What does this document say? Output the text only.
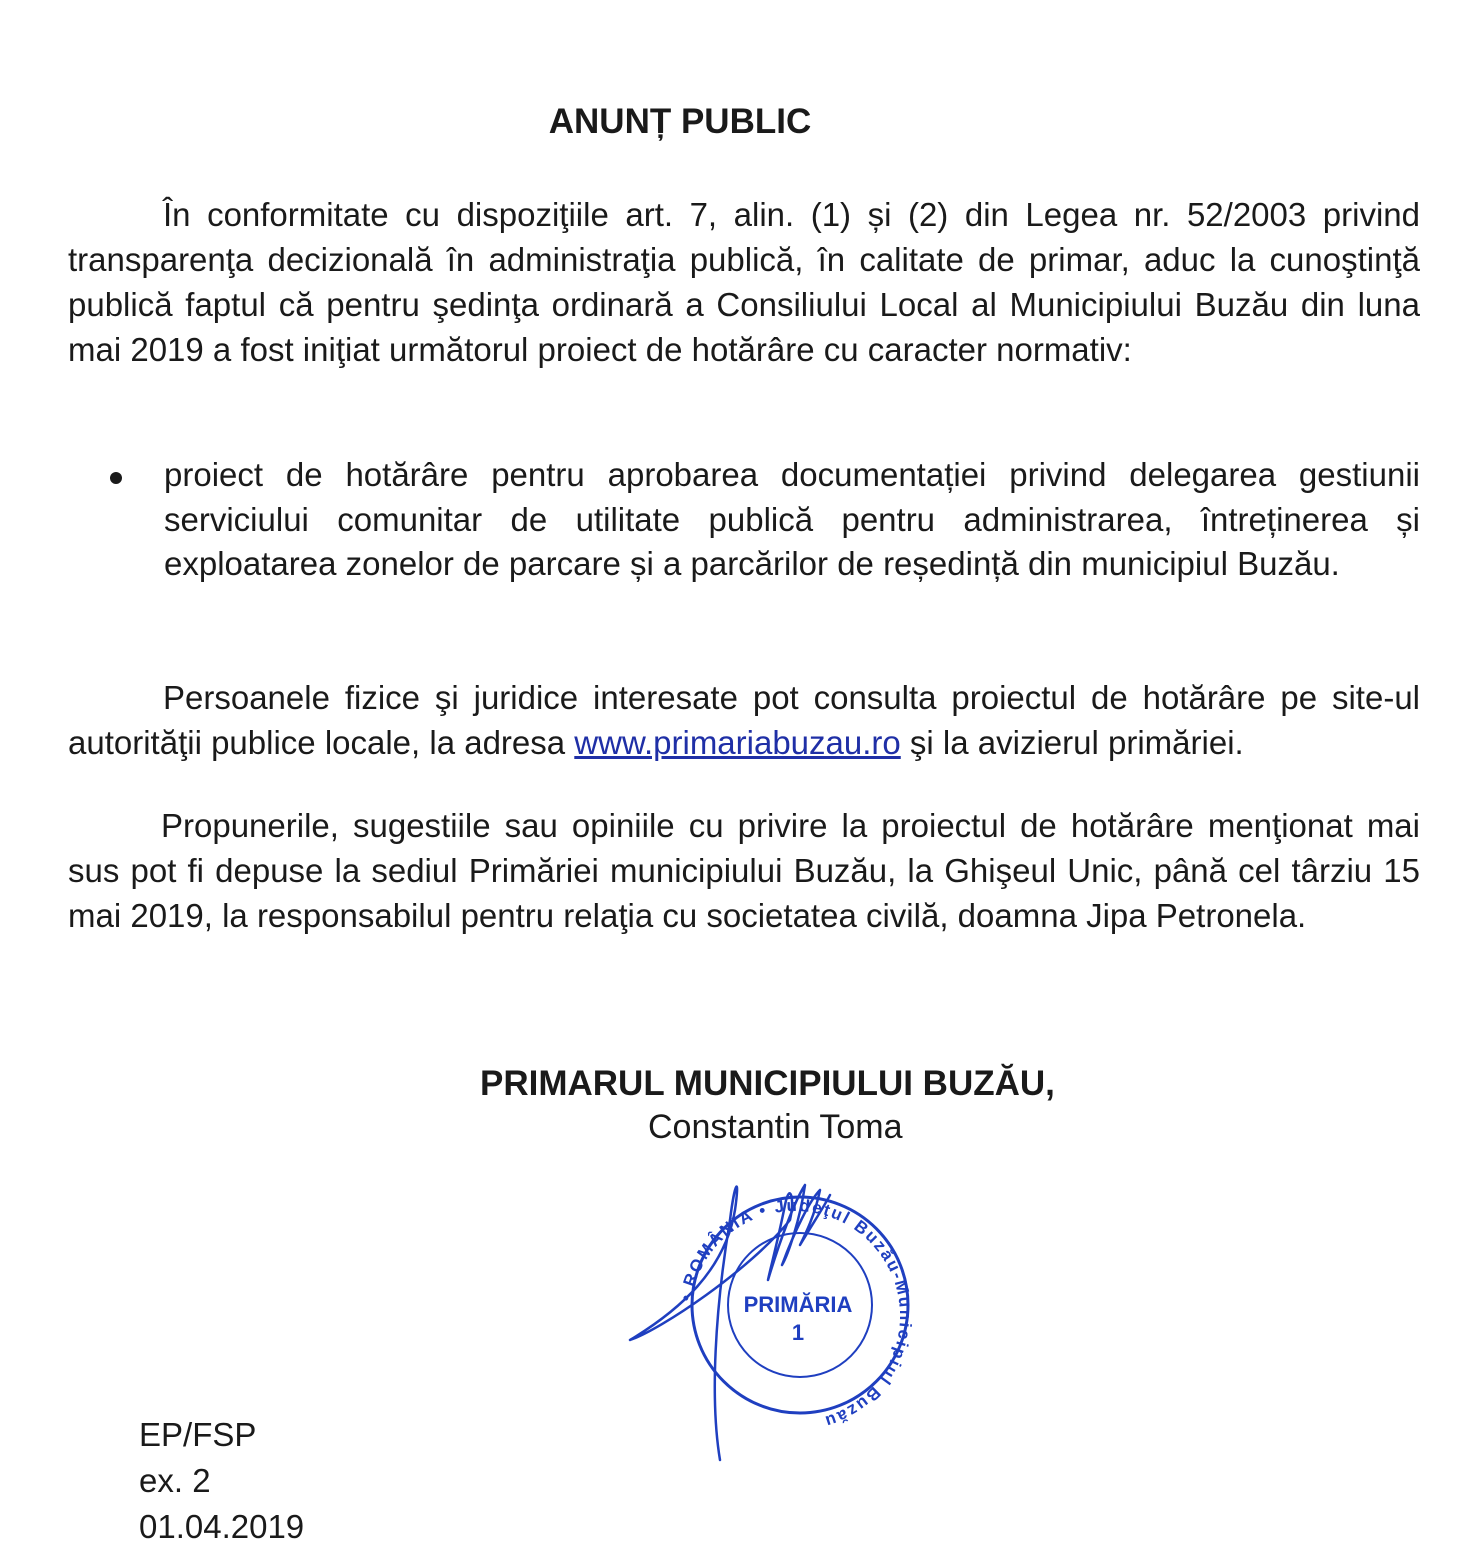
ANUNȚ PUBLIC
În conformitate cu dispoziţiile art. 7, alin. (1) și (2) din Legea nr. 52/2003 privind transparenţa decizională în administraţia publică, în calitate de primar, aduc la cunoştinţă publică faptul că pentru şedinţa ordinară a Consiliului Local al Municipiului Buzău din luna mai 2019 a fost iniţiat următorul proiect de hotărâre cu caracter normativ:
proiect de hotărâre pentru aprobarea documentației privind delegarea gestiunii serviciului comunitar de utilitate publică pentru administrarea, întreținerea și exploatarea zonelor de parcare și a parcărilor de reședință din municipiul Buzău.
Persoanele fizice şi juridice interesate pot consulta proiectul de hotărâre pe site-ul autorităţii publice locale, la adresa www.primariabuzau.ro şi la avizierul primăriei.
Propunerile, sugestiile sau opiniile cu privire la proiectul de hotărâre menţionat mai sus pot fi depuse la sediul Primăriei municipiului Buzău, la Ghişeul Unic, până cel târziu 15 mai 2019, la responsabilul pentru relaţia cu societatea civilă, doamna Jipa Petronela.
PRIMARUL MUNICIPIULUI BUZĂU,
Constantin Toma
• ROMÂNIA • Judeţul Buzău-Municipiul Buzău
PRIMĂRIA
1
EP/FSP
ex. 2
01.04.2019
